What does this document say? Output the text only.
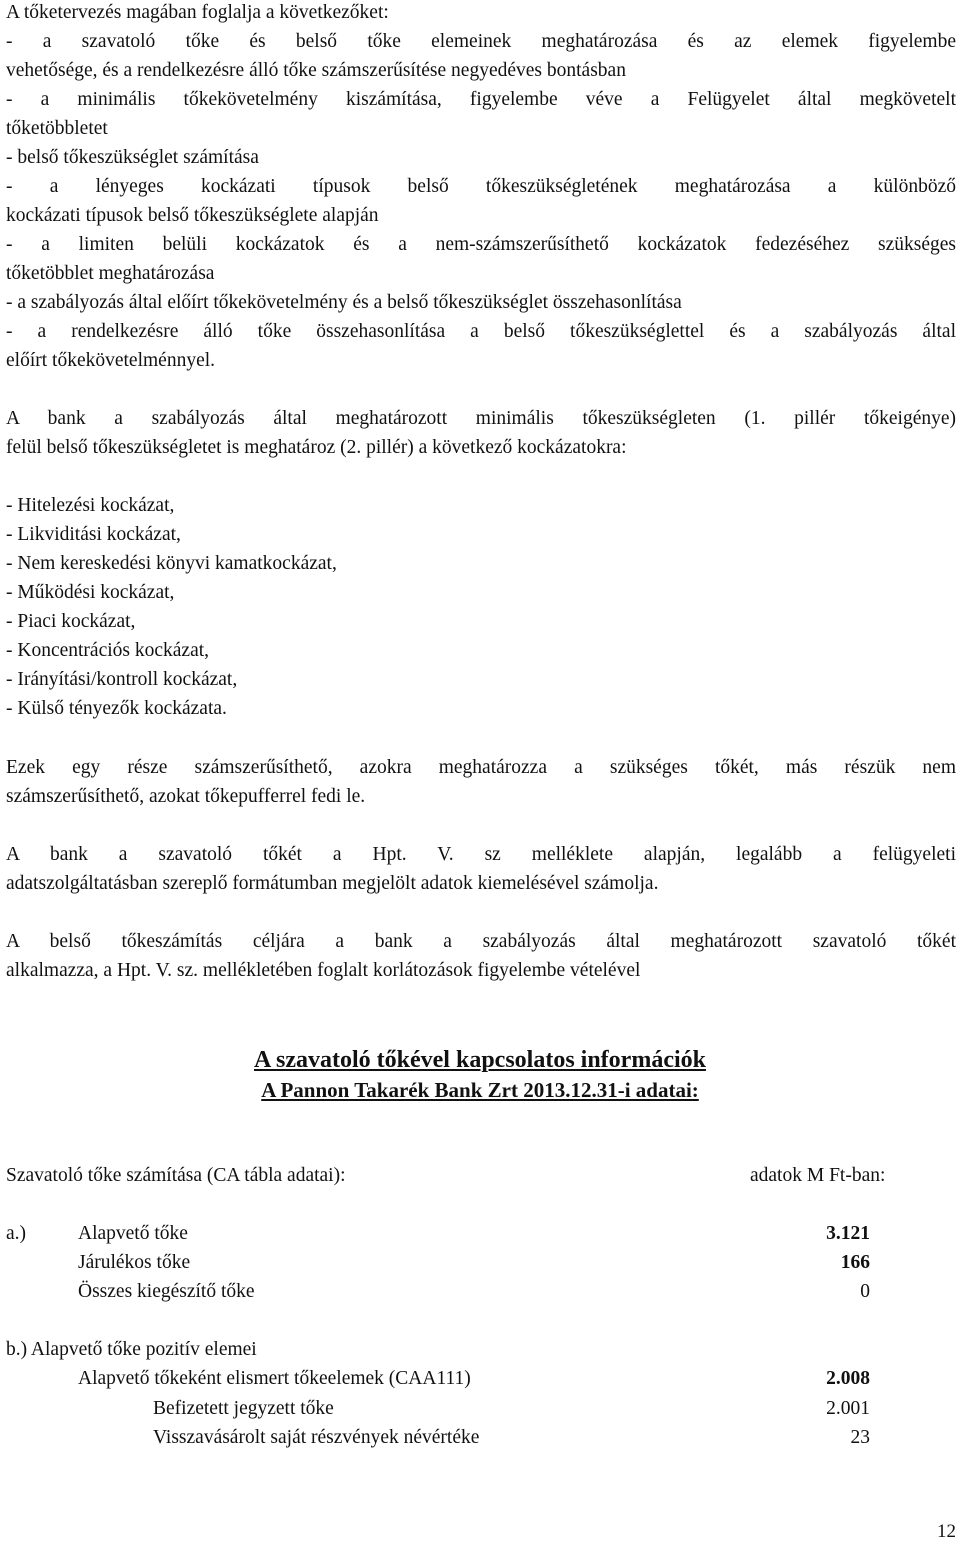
A tőketervezés magában foglalja a következőket:
- a szavatoló tőke és belső tőke elemeinek meghatározása és az elemek figyelembe
vehetősége, és a rendelkezésre álló tőke számszerűsítése negyedéves bontásban
- a minimális tőkekövetelmény kiszámítása, figyelembe véve a Felügyelet által megkövetelt
tőketöbbletet
- belső tőkeszükséglet számítása
- a lényeges kockázati típusok belső tőkeszükségletének meghatározása a különböző
kockázati típusok belső tőkeszükséglete alapján
- a limiten belüli kockázatok és a nem-számszerűsíthető kockázatok fedezéséhez szükséges
tőketöbblet meghatározása
- a szabályozás által előírt tőkekövetelmény és a belső tőkeszükséglet összehasonlítása
- a rendelkezésre álló tőke összehasonlítása a belső tőkeszükséglettel és a szabályozás által
előírt tőkekövetelménnyel.
A bank a szabályozás által meghatározott minimális tőkeszükségleten (1. pillér tőkeigénye)
felül belső tőkeszükségletet is meghatároz (2. pillér) a következő kockázatokra:
- Hitelezési kockázat,
- Likviditási kockázat,
- Nem kereskedési könyvi kamatkockázat,
- Működési kockázat,
- Piaci kockázat,
- Koncentrációs kockázat,
- Irányítási/kontroll kockázat,
- Külső tényezők kockázata.
Ezek egy része számszerűsíthető, azokra meghatározza a szükséges tőkét, más részük nem
számszerűsíthető, azokat tőkepufferrel fedi le.
A bank a szavatoló tőkét a Hpt. V. sz melléklete alapján, legalább a felügyeleti
adatszolgáltatásban szereplő formátumban megjelölt adatok kiemelésével számolja.
A belső tőkeszámítás céljára a bank a szabályozás által meghatározott szavatoló tőkét
alkalmazza, a Hpt. V. sz. mellékletében foglalt korlátozások figyelembe vételével
A szavatoló tőkével kapcsolatos információk
A Pannon Takarék Bank Zrt 2013.12.31-i adatai:
Szavatoló tőke számítása (CA tábla adatai):	adatok M Ft-ban:
a.)	Alapvető tőke	3.121
Járulékos tőke	166
Összes kiegészítő tőke	0
b.) Alapvető tőke pozitív elemei
Alapvető tőkeként elismert tőkeelemek (CAA111)	2.008
Befizetett jegyzett tőke	2.001
Visszavásárolt saját részvények névértéke	23
12
